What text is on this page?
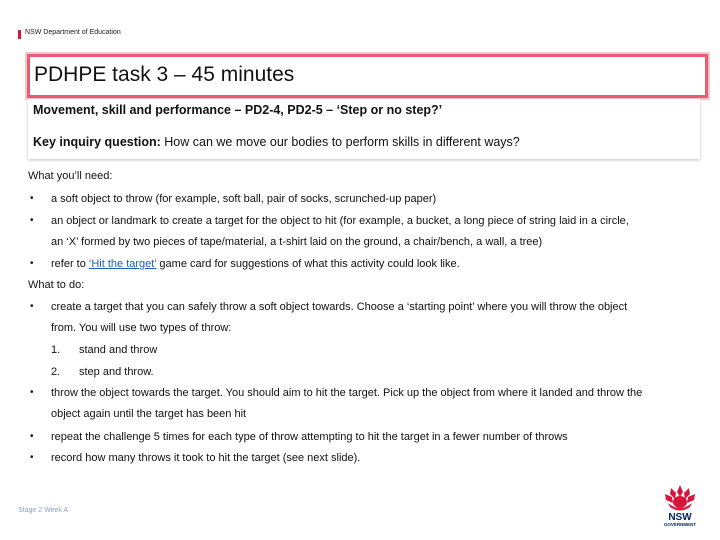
NSW Department of Education
PDHPE task 3 – 45 minutes
Movement, skill and performance – PD2-4, PD2-5 – ‘Step or no step?’
Key inquiry question: How can we move our bodies to perform skills in different ways?
What you’ll need:
• a soft object to throw (for example, soft ball, pair of socks, scrunched-up paper)
• an object or landmark to create a target for the object to hit (for example, a bucket, a long piece of string laid in a circle,
an ‘X’ formed by two pieces of tape/material, a t-shirt laid on the ground, a chair/bench, a wall, a tree)
• refer to ‘Hit the target’ game card for suggestions of what this activity could look like.
What to do:
• create a target that you can safely throw a soft object towards. Choose a ‘starting point’ where you will throw the object
from. You will use two types of throw:
1. stand and throw
2. step and throw.
• throw the object towards the target. You should aim to hit the target. Pick up the object from where it landed and throw the
object again until the target has been hit
• repeat the challenge 5 times for each type of throw attempting to hit the target in a fewer number of throws
• record how many throws it took to hit the target (see next slide).
Stage 2 Week A
NSW
GOVERNMENT
